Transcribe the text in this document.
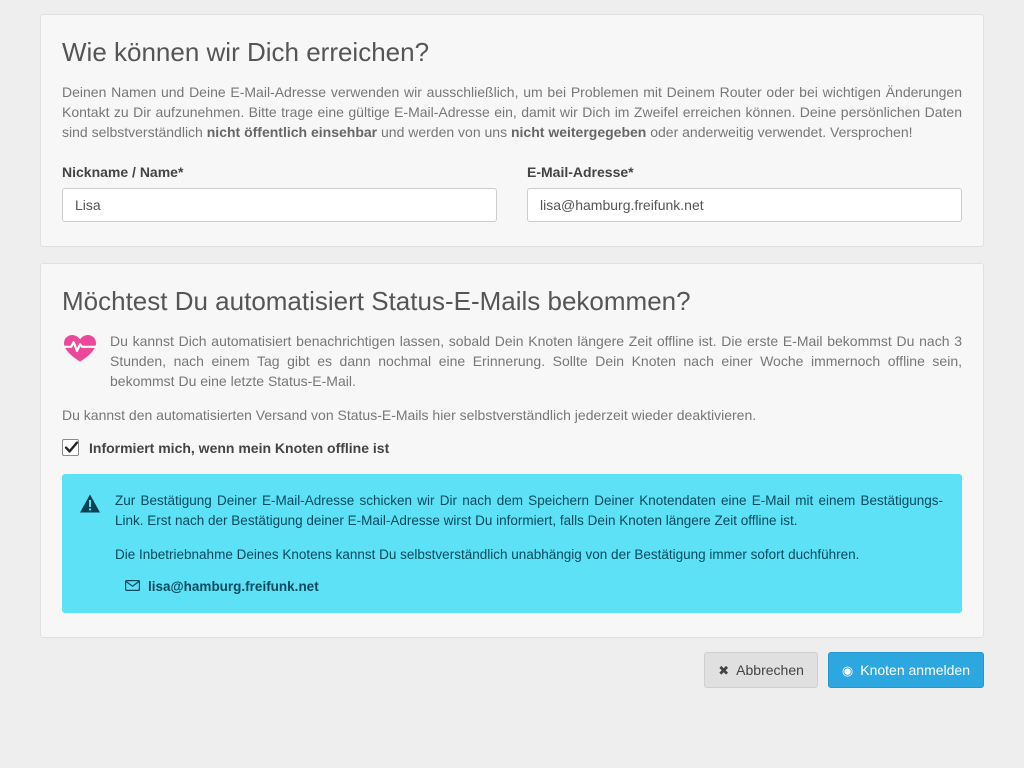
Wie können wir Dich erreichen?

Deinen Namen und Deine E-Mail-Adresse verwenden wir ausschließlich, um bei Problemen mit Deinem Router oder bei wichtigen Änderungen Kontakt zu Dir aufzunehmen. Bitte trage eine gültige E-Mail-Adresse ein, damit wir Dich im Zweifel erreichen können. Deine persönlichen Daten sind selbstverständlich nicht öffentlich einsehbar und werden von uns nicht weitergegeben oder anderweitig verwendet. Versprochen!

Nickname / Name*
Lisa	E-Mail-Adresse*
lisa@hamburg.freifunk.net
Möchtest Du automatisiert Status-E-Mails bekommen?

Du kannst Dich automatisiert benachrichtigen lassen, sobald Dein Knoten längere Zeit offline ist. Die erste E-Mail bekommst Du nach 3 Stunden, nach einem Tag gibt es dann nochmal eine Erinnerung. Sollte Dein Knoten nach einer Woche immernoch offline sein, bekommst Du eine letzte Status-E-Mail.

Du kannst den automatisierten Versand von Status-E-Mails hier selbstverständlich jederzeit wieder deaktivieren.

Informiert mich, wenn mein Knoten offline ist

Zur Bestätigung Deiner E-Mail-Adresse schicken wir Dir nach dem Speichern Deiner Knotendaten eine E-Mail mit einem Bestätigungs-Link. Erst nach der Bestätigung deiner E-Mail-Adresse wirst Du informiert, falls Dein Knoten längere Zeit offline ist.

Die Inbetriebnahme Deines Knotens kannst Du selbstverständlich unabhängig von der Bestätigung immer sofort duchführen.

lisa@hamburg.freifunk.net
✖ Abbrechen	◉ Knoten anmelden
